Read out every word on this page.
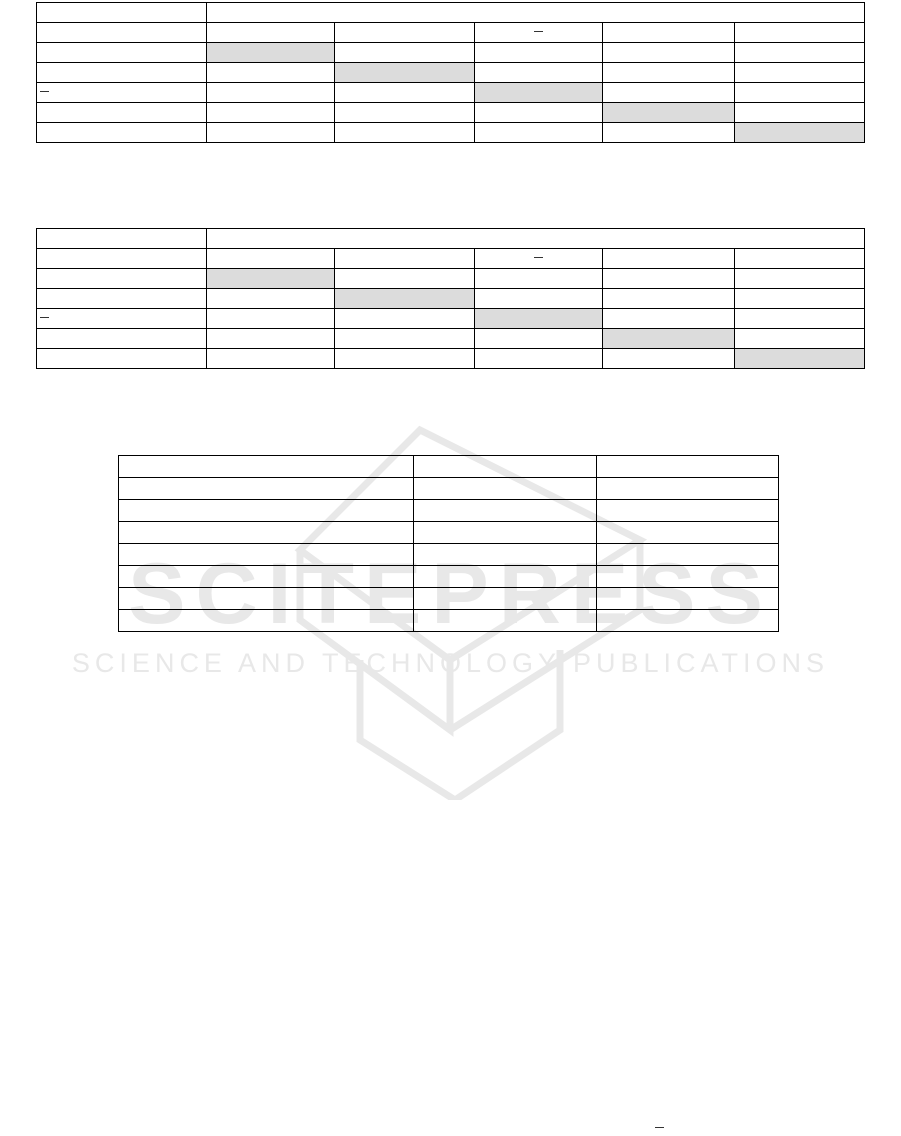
SCITEPRESS
SCIENCE AND TECHNOLOGY PUBLICATIONS
